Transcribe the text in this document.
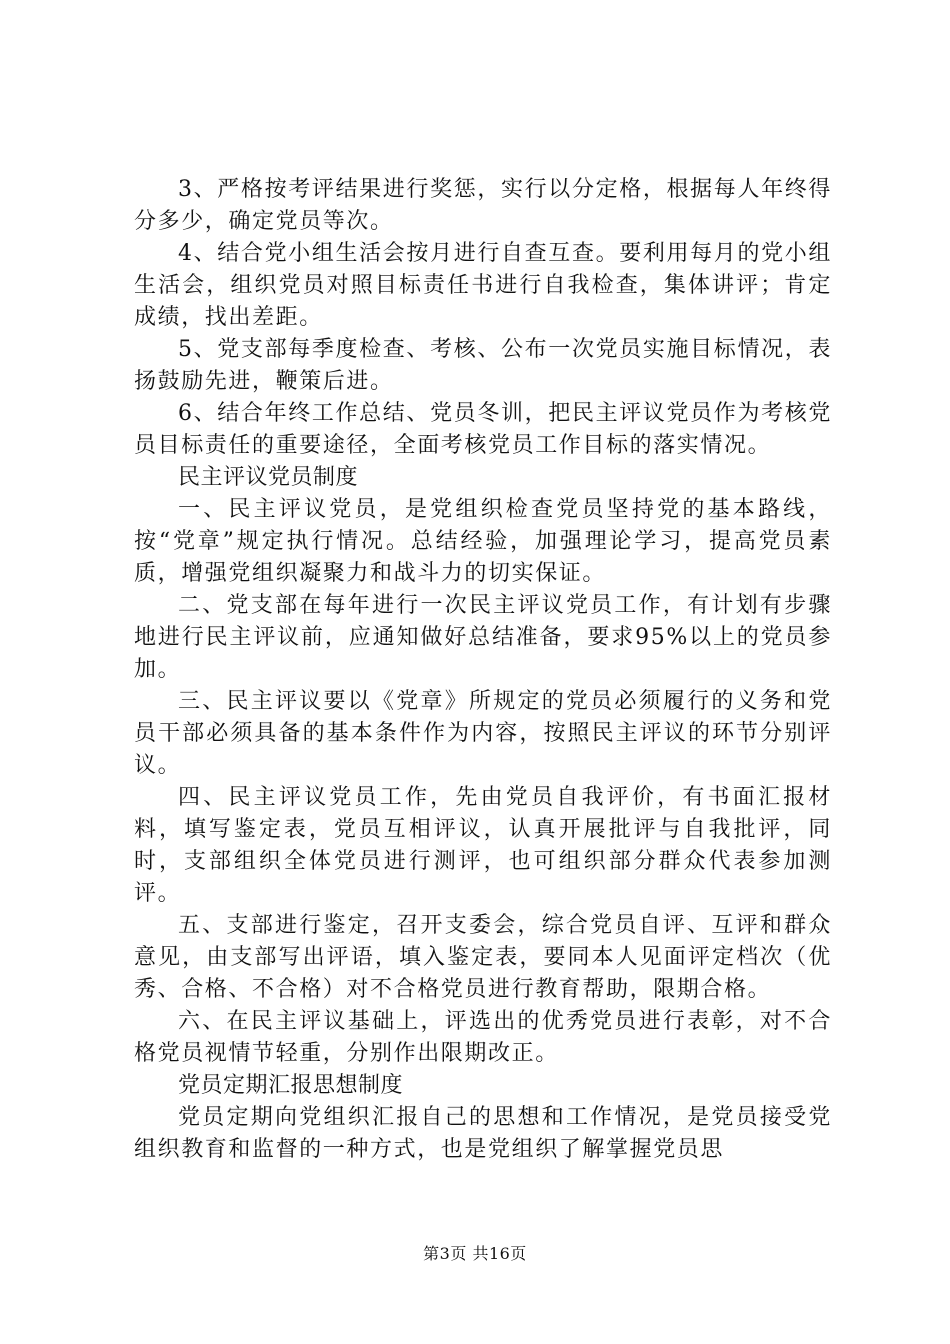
3、严格按考评结果进行奖惩，实行以分定格，根据每人年终得分多少，确定党员等次。

4、结合党小组生活会按月进行自查互查。要利用每月的党小组生活会，组织党员对照目标责任书进行自我检查，集体讲评；肯定成绩，找出差距。

5、党支部每季度检查、考核、公布一次党员实施目标情况，表扬鼓励先进，鞭策后进。

6、结合年终工作总结、党员冬训，把民主评议党员作为考核党员目标责任的重要途径，全面考核党员工作目标的落实情况。

民主评议党员制度

一、民主评议党员，是党组织检查党员坚持党的基本路线，按“党章”规定执行情况。总结经验，加强理论学习，提高党员素质，增强党组织凝聚力和战斗力的切实保证。

二、党支部在每年进行一次民主评议党员工作，有计划有步骤地进行民主评议前，应通知做好总结准备，要求95%以上的党员参加。

三、民主评议要以《党章》所规定的党员必须履行的义务和党员干部必须具备的基本条件作为内容，按照民主评议的环节分别评议。

四、民主评议党员工作，先由党员自我评价，有书面汇报材料，填写鉴定表，党员互相评议，认真开展批评与自我批评，同时，支部组织全体党员进行测评，也可组织部分群众代表参加测评。

五、支部进行鉴定，召开支委会，综合党员自评、互评和群众意见，由支部写出评语，填入鉴定表，要同本人见面评定档次（优秀、合格、不合格）对不合格党员进行教育帮助，限期合格。

六、在民主评议基础上，评选出的优秀党员进行表彰，对不合格党员视情节轻重，分别作出限期改正。

党员定期汇报思想制度

党员定期向党组织汇报自己的思想和工作情况，是党员接受党组织教育和监督的一种方式，也是党组织了解掌握党员思

第3页 共16页
